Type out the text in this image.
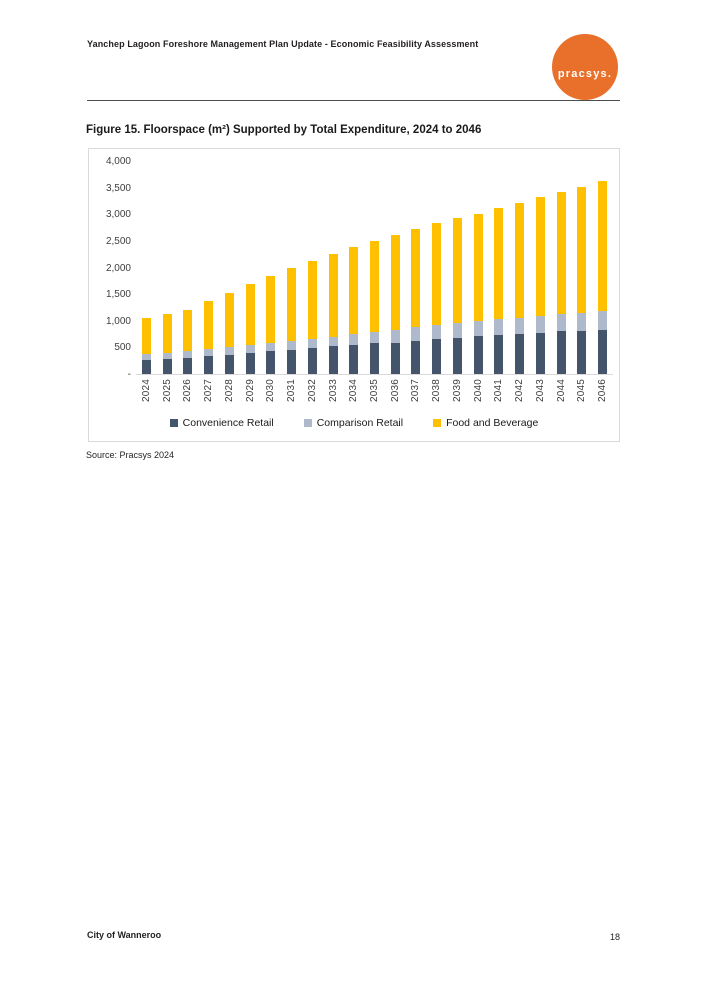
Yanchep Lagoon Foreshore Management Plan Update - Economic Feasibility Assessment
pracsys.
Figure 15. Floorspace (m²) Supported by Total Expenditure, 2024 to 2046
4,000
3,500
3,000
2,500
2,000
1,500
1,000
500
-
2024 2025 2026 2027 2028 2029 2030 2031 2032 2033 2034 2035 2036 2037 2038 2039 2040 2041 2042 2043 2044 2045 2046
Convenience Retail	Comparison Retail	Food and Beverage
Source: Pracsys 2024
City of Wanneroo	18
